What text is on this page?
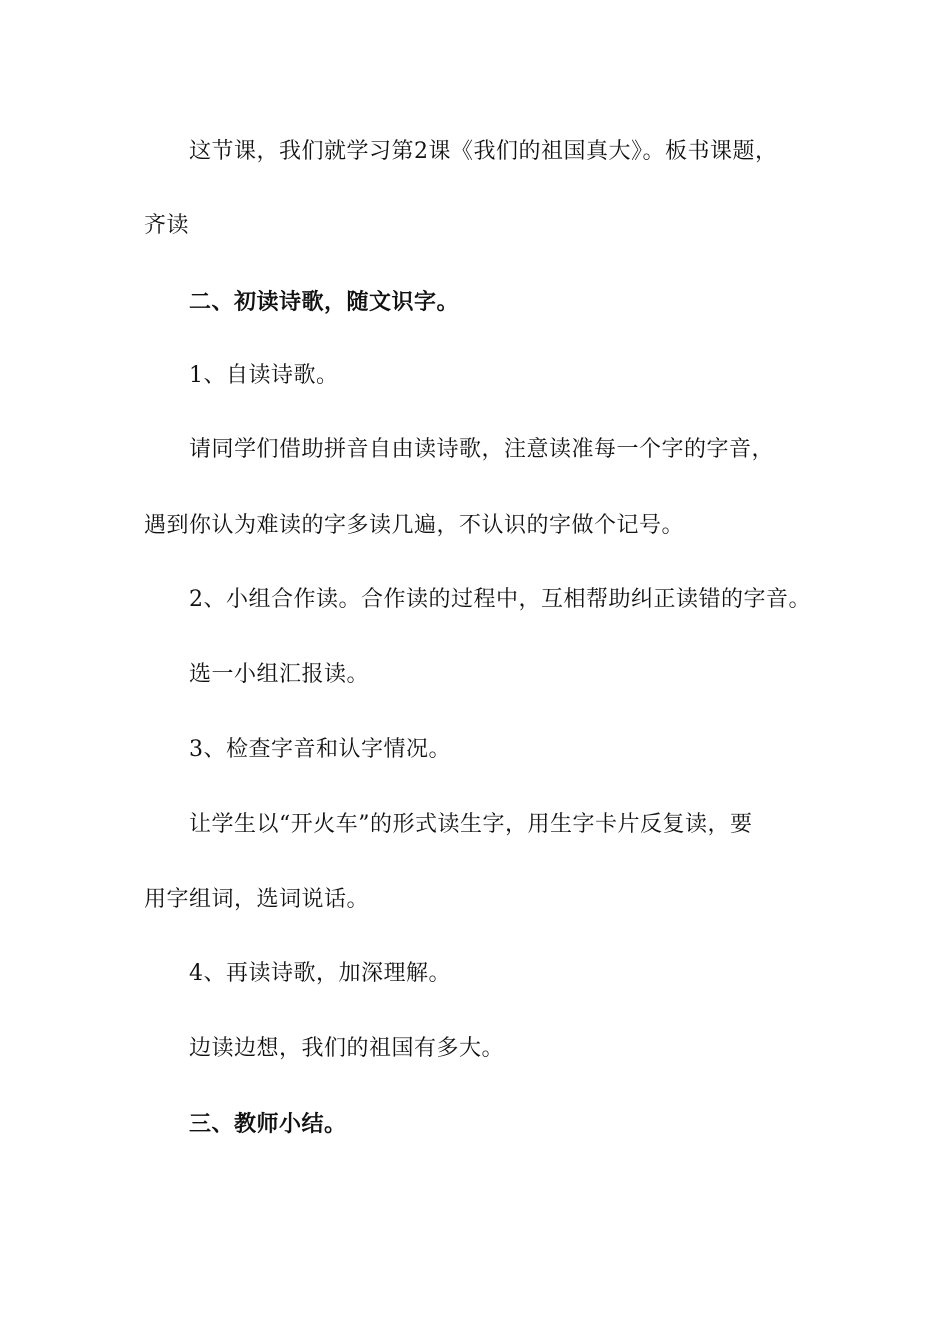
这节课，我们就学习第2课《我们的祖国真大》。板书课题，
齐读
二、初读诗歌，随文识字。
1、自读诗歌。
请同学们借助拼音自由读诗歌，注意读准每一个字的字音，
遇到你认为难读的字多读几遍，不认识的字做个记号。
2、小组合作读。合作读的过程中，互相帮助纠正读错的字音。
选一小组汇报读。
3、检查字音和认字情况。
让学生以“开火车”的形式读生字，用生字卡片反复读，要
用字组词，选词说话。
4、再读诗歌，加深理解。
边读边想，我们的祖国有多大。
三、教师小结。
